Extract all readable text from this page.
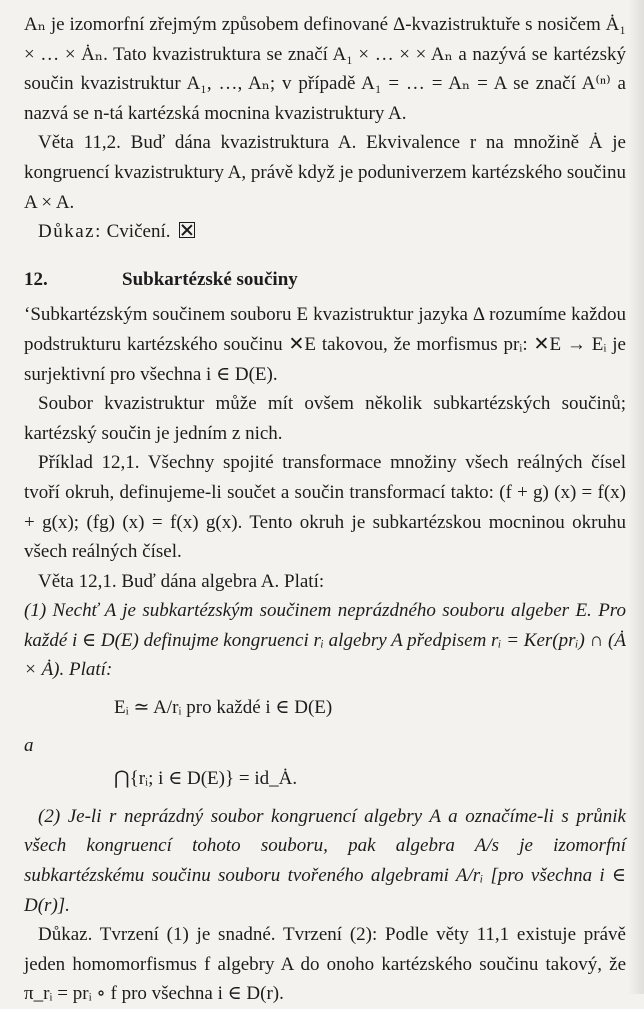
Aₙ je izomorfní zřejmým způsobem definované Δ-kvazistruktuře s nosičem Ȧ₁ × … × Ȧₙ. Tato kvazistruktura se značí A₁ × … × × Aₙ a nazývá se kartézský součin kvazistruktur A₁, …, Aₙ; v případě A₁ = … = Aₙ = A se značí A⁽ⁿ⁾ a nazvá se n-tá kartézská mocnina kvazistruktury A.

Věta 11,2. Buď dána kvazistruktura A. Ekvivalence r na množině Ȧ je kongruencí kvazistruktury A, právě když je poduniverzem kartézského součinu A × A.

Důkaz: Cvičení.

12.	Subkartézské součiny

‘Subkartézským součinem souboru E kvazistruktur jazyka Δ rozumíme každou podstrukturu kartézského součinu ✕E takovou, že morfismus prᵢ: ✕E → Eᵢ je surjektivní pro všechna i ∈ D(E).

Soubor kvazistruktur může mít ovšem několik subkartézských součinů; kartézský součin je jedním z nich.

Příklad 12,1. Všechny spojité transformace množiny všech reálných čísel tvoří okruh, definujeme-li součet a součin transformací takto: (f + g) (x) = f(x) + g(x); (fg) (x) = f(x) g(x). Tento okruh je subkartézskou mocninou okruhu všech reálných čísel.

Věta 12,1. Buď dána algebra A. Platí:

(1) Nechť A je subkartézským součinem neprázdného souboru algeber E. Pro každé i ∈ D(E) definujme kongruenci rᵢ algebry A předpisem rᵢ = Ker(prᵢ) ∩ (Ȧ × Ȧ). Platí:

Eᵢ ≃ A/rᵢ pro každé i ∈ D(E)

a

⋂{rᵢ; i ∈ D(E)} = id_Ȧ.

(2) Je-li r neprázdný soubor kongruencí algebry A a označíme-li s průnik všech kongruencí tohoto souboru, pak algebra A/s je izomorfní subkartézskému součinu souboru tvořeného algebrami A/rᵢ [pro všechna i ∈ D(r)].

Důkaz. Tvrzení (1) je snadné. Tvrzení (2): Podle věty 11,1 existuje právě jeden homomorfismus f algebry A do onoho kartézského součinu takový, že π_rᵢ = prᵢ ∘ f pro všechna i ∈ D(r).
